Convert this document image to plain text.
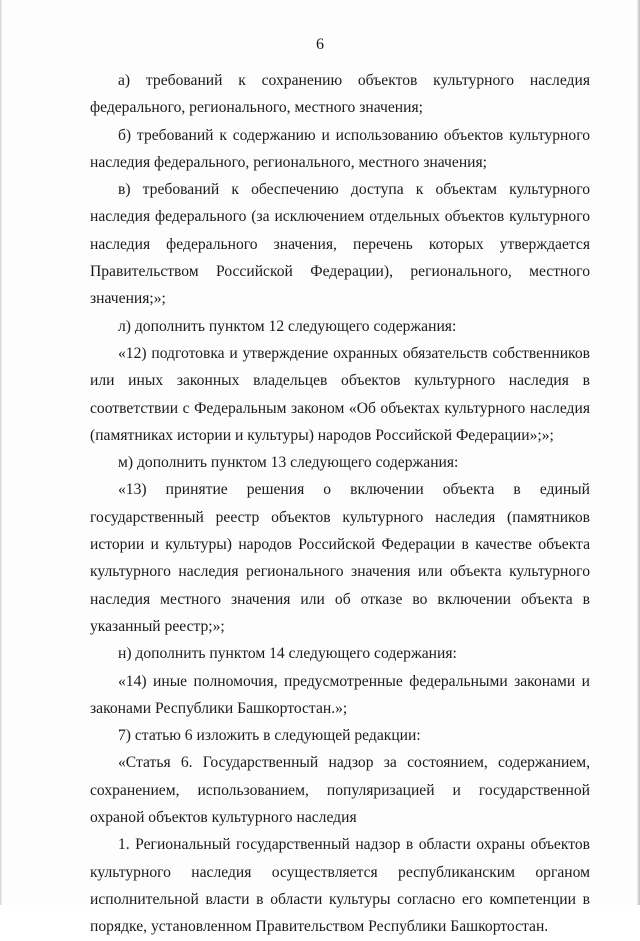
6

а) требований к сохранению объектов культурного наследия федерального, регионального, местного значения;

б) требований к содержанию и использованию объектов культурного наследия федерального, регионального, местного значения;

в) требований к обеспечению доступа к объектам культурного наследия федерального (за исключением отдельных объектов культурного наследия федерального значения, перечень которых утверждается Правительством Российской Федерации), регионального, местного значения;»;

л) дополнить пунктом 12 следующего содержания:

«12) подготовка и утверждение охранных обязательств собственников или иных законных владельцев объектов культурного наследия в соответствии с Федеральным законом «Об объектах культурного наследия (памятниках истории и культуры) народов Российской Федерации»;»;

м) дополнить пунктом 13 следующего содержания:

«13) принятие решения о включении объекта в единый государственный реестр объектов культурного наследия (памятников истории и культуры) народов Российской Федерации в качестве объекта культурного наследия регионального значения или объекта культурного наследия местного значения или об отказе во включении объекта в указанный реестр;»;

н) дополнить пунктом 14 следующего содержания:

«14) иные полномочия, предусмотренные федеральными законами и законами Республики Башкортостан.»;

7) статью 6 изложить в следующей редакции:

«Статья 6. Государственный надзор за состоянием, содержанием, сохранением, использованием, популяризацией и государственной охраной объектов культурного наследия

1. Региональный государственный надзор в области охраны объектов культурного наследия осуществляется республиканским органом исполнительной власти в области культуры согласно его компетенции в порядке, установленном Правительством Республики Башкортостан.
